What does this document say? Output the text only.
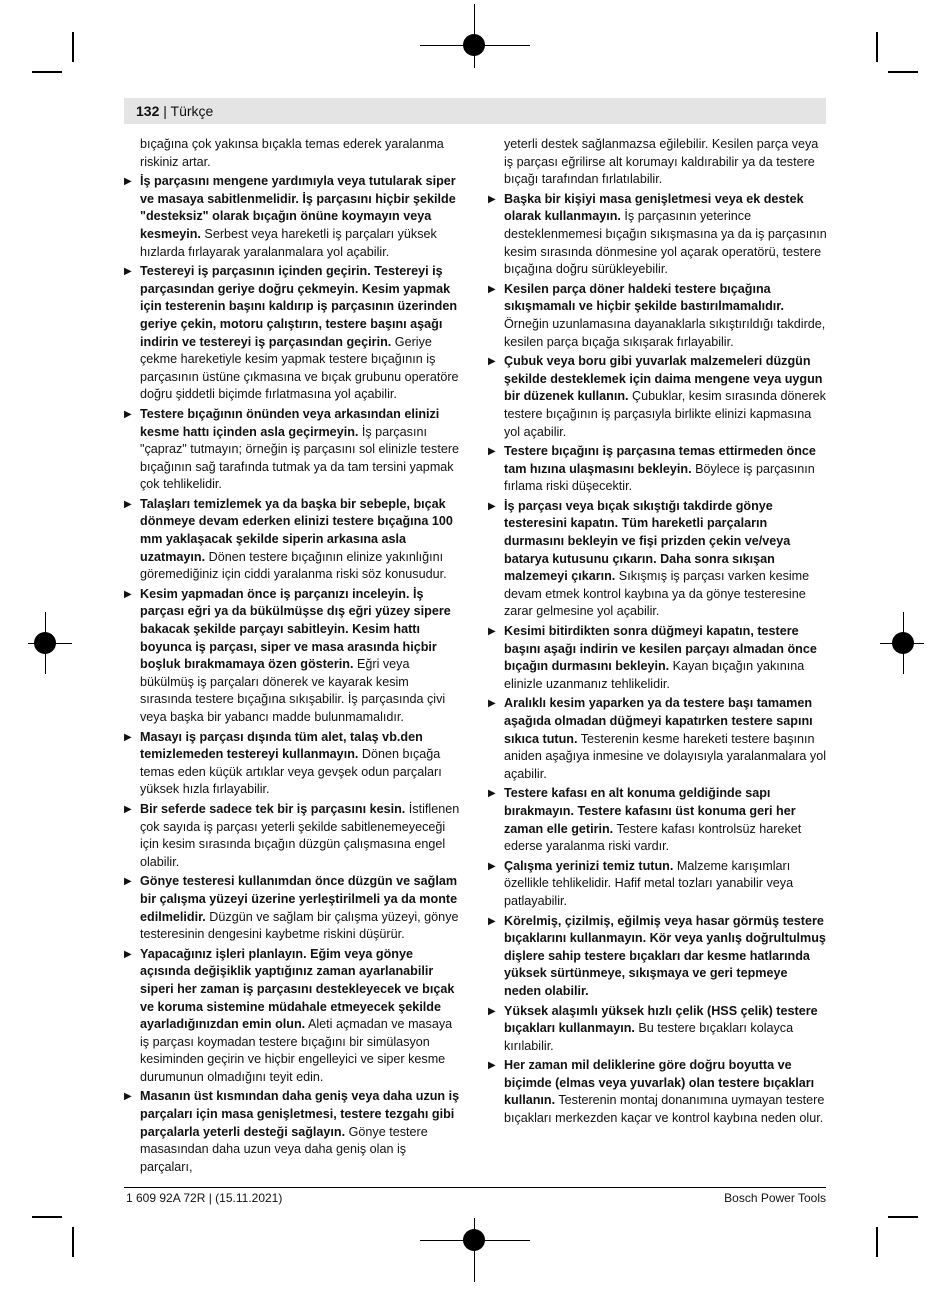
132 | Türkçe
bıçağına çok yakınsa bıçakla temas ederek yaralanma riskiniz artar.
▶ İş parçasını mengene yardımıyla veya tutularak siper ve masaya sabitlenmelidir. İş parçasını hiçbir şekilde "desteksiz" olarak bıçağın önüne koymayın veya kesmeyin. Serbest veya hareketli iş parçaları yüksek hızlarda fırlayarak yaralanmalara yol açabilir.
▶ Testereyi iş parçasının içinden geçirin. Testereyi iş parçasından geriye doğru çekmeyin. Kesim yapmak için testerenin başını kaldırıp iş parçasının üzerinden geriye çekin, motoru çalıştırın, testere başını aşağı indirin ve testereyi iş parçasından geçirin. Geriye çekme hareketiyle kesim yapmak testere bıçağının iş parçasının üstüne çıkmasına ve bıçak grubunu operatöre doğru şiddetli biçimde fırlatmasına yol açabilir.
▶ Testere bıçağının önünden veya arkasından elinizi kesme hattı içinden asla geçirmeyin. İş parçasını "çapraz" tutmayın; örneğin iş parçasını sol elinizle testere bıçağının sağ tarafında tutmak ya da tam tersini yapmak çok tehlikelidir.
▶ Talaşları temizlemek ya da başka bir sebeple, bıçak dönmeye devam ederken elinizi testere bıçağına 100 mm yaklaşacak şekilde siperin arkasına asla uzatmayın. Dönen testere bıçağının elinize yakınlığını göremediğiniz için ciddi yaralanma riski söz konusudur.
▶ Kesim yapmadan önce iş parçanızı inceleyin. İş parçası eğri ya da bükülmüşse dış eğri yüzey sipere bakacak şekilde parçayı sabitleyin. Kesim hattı boyunca iş parçası, siper ve masa arasında hiçbir boşluk bırakmamaya özen gösterin. Eğri veya bükülmüş iş parçaları dönerek ve kayarak kesim sırasında testere bıçağına sıkışabilir. İş parçasında çivi veya başka bir yabancı madde bulunmamalıdır.
▶ Masayı iş parçası dışında tüm alet, talaş vb.den temizlemeden testereyi kullanmayın. Dönen bıçağa temas eden küçük artıklar veya gevşek odun parçaları yüksek hızla fırlayabilir.
▶ Bir seferde sadece tek bir iş parçasını kesin. İstiflenen çok sayıda iş parçası yeterli şekilde sabitlenemeyeceği için kesim sırasında bıçağın düzgün çalışmasına engel olabilir.
▶ Gönye testeresi kullanımdan önce düzgün ve sağlam bir çalışma yüzeyi üzerine yerleştirilmeli ya da monte edilmelidir. Düzgün ve sağlam bir çalışma yüzeyi, gönye testeresinin dengesini kaybetme riskini düşürür.
▶ Yapacağınız işleri planlayın. Eğim veya gönye açısında değişiklik yaptığınız zaman ayarlanabilir siperi her zaman iş parçasını destekleyecek ve bıçak ve koruma sistemine müdahale etmeyecek şekilde ayarladığınızdan emin olun. Aleti açmadan ve masaya iş parçası koymadan testere bıçağını bir simülasyon kesiminden geçirin ve hiçbir engelleyici ve siper kesme durumunun olmadığını teyit edin.
▶ Masanın üst kısmından daha geniş veya daha uzun iş parçaları için masa genişletmesi, testere tezgahı gibi parçalarla yeterli desteği sağlayın. Gönye testere masasından daha uzun veya daha geniş olan iş parçaları,
yeterli destek sağlanmazsa eğilebilir. Kesilen parça veya iş parçası eğrilirse alt korumayı kaldırabilir ya da testere bıçağı tarafından fırlatılabilir.
▶ Başka bir kişiyi masa genişletmesi veya ek destek olarak kullanmayın. İş parçasının yeterince desteklenmemesi bıçağın sıkışmasına ya da iş parçasının kesim sırasında dönmesine yol açarak operatörü, testere bıçağına doğru sürükleyebilir.
▶ Kesilen parça döner haldeki testere bıçağına sıkışmamalı ve hiçbir şekilde bastırılmamalıdır. Örneğin uzunlamasına dayanaklarla sıkıştırıldığı takdirde, kesilen parça bıçağa sıkışarak fırlayabilir.
▶ Çubuk veya boru gibi yuvarlak malzemeleri düzgün şekilde desteklemek için daima mengene veya uygun bir düzenek kullanın. Çubuklar, kesim sırasında dönerek testere bıçağının iş parçasıyla birlikte elinizi kapmasına yol açabilir.
▶ Testere bıçağını iş parçasına temas ettirmeden önce tam hızına ulaşmasını bekleyin. Böylece iş parçasının fırlama riski düşecektir.
▶ İş parçası veya bıçak sıkıştığı takdirde gönye testeresini kapatın. Tüm hareketli parçaların durmasını bekleyin ve fişi prizden çekin ve/veya batarya kutusunu çıkarın. Daha sonra sıkışan malzemeyi çıkarın. Sıkışmış iş parçası varken kesime devam etmek kontrol kaybına ya da gönye testeresine zarar gelmesine yol açabilir.
▶ Kesimi bitirdikten sonra düğmeyi kapatın, testere başını aşağı indirin ve kesilen parçayı almadan önce bıçağın durmasını bekleyin. Kayan bıçağın yakınına elinizle uzanmanız tehlikelidir.
▶ Aralıklı kesim yaparken ya da testere başı tamamen aşağıda olmadan düğmeyi kapatırken testere sapını sıkıca tutun. Testerenin kesme hareketi testere başının aniden aşağıya inmesine ve dolayısıyla yaralanmalara yol açabilir.
▶ Testere kafası en alt konuma geldiğinde sapı bırakmayın. Testere kafasını üst konuma geri her zaman elle getirin. Testere kafası kontrolsüz hareket ederse yaralanma riski vardır.
▶ Çalışma yerinizi temiz tutun. Malzeme karışımları özellikle tehlikelidir. Hafif metal tozları yanabilir veya patlayabilir.
▶ Körelmiş, çizilmiş, eğilmiş veya hasar görmüş testere bıçaklarını kullanmayın. Kör veya yanlış doğrultulmuş dişlere sahip testere bıçakları dar kesme hatlarında yüksek sürtünmeye, sıkışmaya ve geri tepmeye neden olabilir.
▶ Yüksek alaşımlı yüksek hızlı çelik (HSS çelik) testere bıçakları kullanmayın. Bu testere bıçakları kolayca kırılabilir.
▶ Her zaman mil deliklerine göre doğru boyutta ve biçimde (elmas veya yuvarlak) olan testere bıçakları kullanın. Testerenin montaj donanımına uymayan testere bıçakları merkezden kaçar ve kontrol kaybına neden olur.
1 609 92A 72R | (15.11.2021)	Bosch Power Tools
